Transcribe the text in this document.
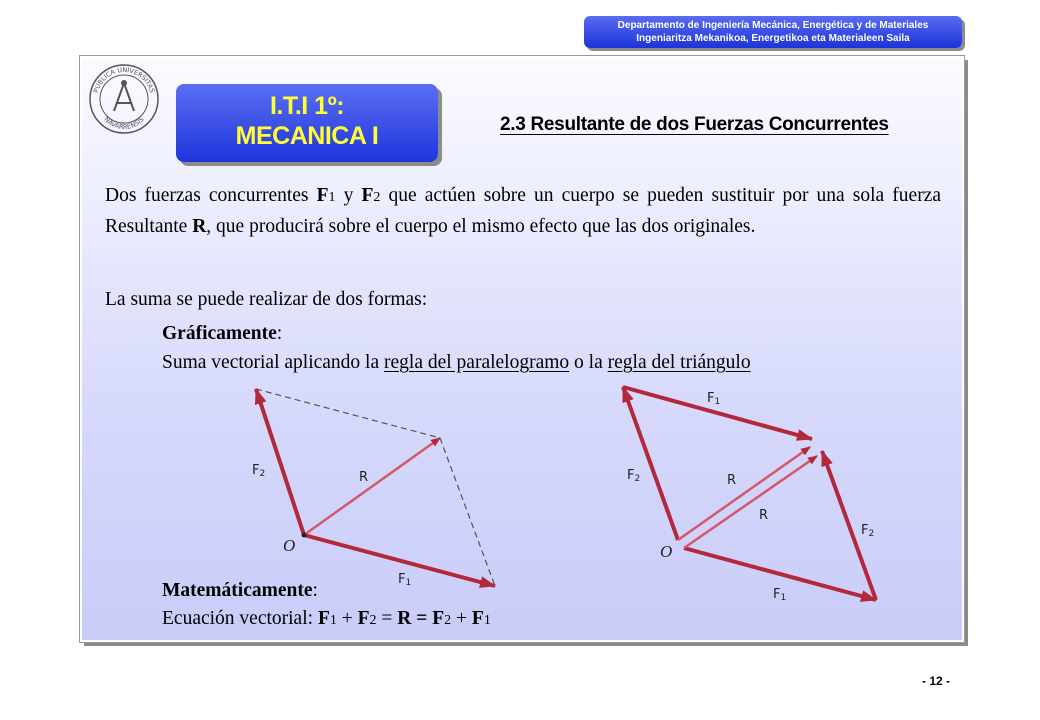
Departamento de Ingeniería Mecánica, Energética y de Materiales
Ingeniaritza Mekanikoa, Energetikoa eta Materialeen Saila
PUBLICA UNIVERSITAS
NAVARRENSIS	I.T.I 1º:
MECANICA I	2.3 Resultante de dos Fuerzas Concurrentes
Dos fuerzas concurrentes F1 y F2 que actúen sobre un cuerpo se pueden sustituir por una sola fuerza Resultante R, que producirá sobre el cuerpo el mismo efecto que las dos originales.
La suma se puede realizar de dos formas:
Gráficamente:
Suma vectorial aplicando la regla del paralelogramo o la regla del triángulo
F2	R
O
F1
F1
F2	R
R
F2
O
F1
Matemáticamente:
Ecuación vectorial: F1 + F2 = R = F2 + F1
- 12 -
